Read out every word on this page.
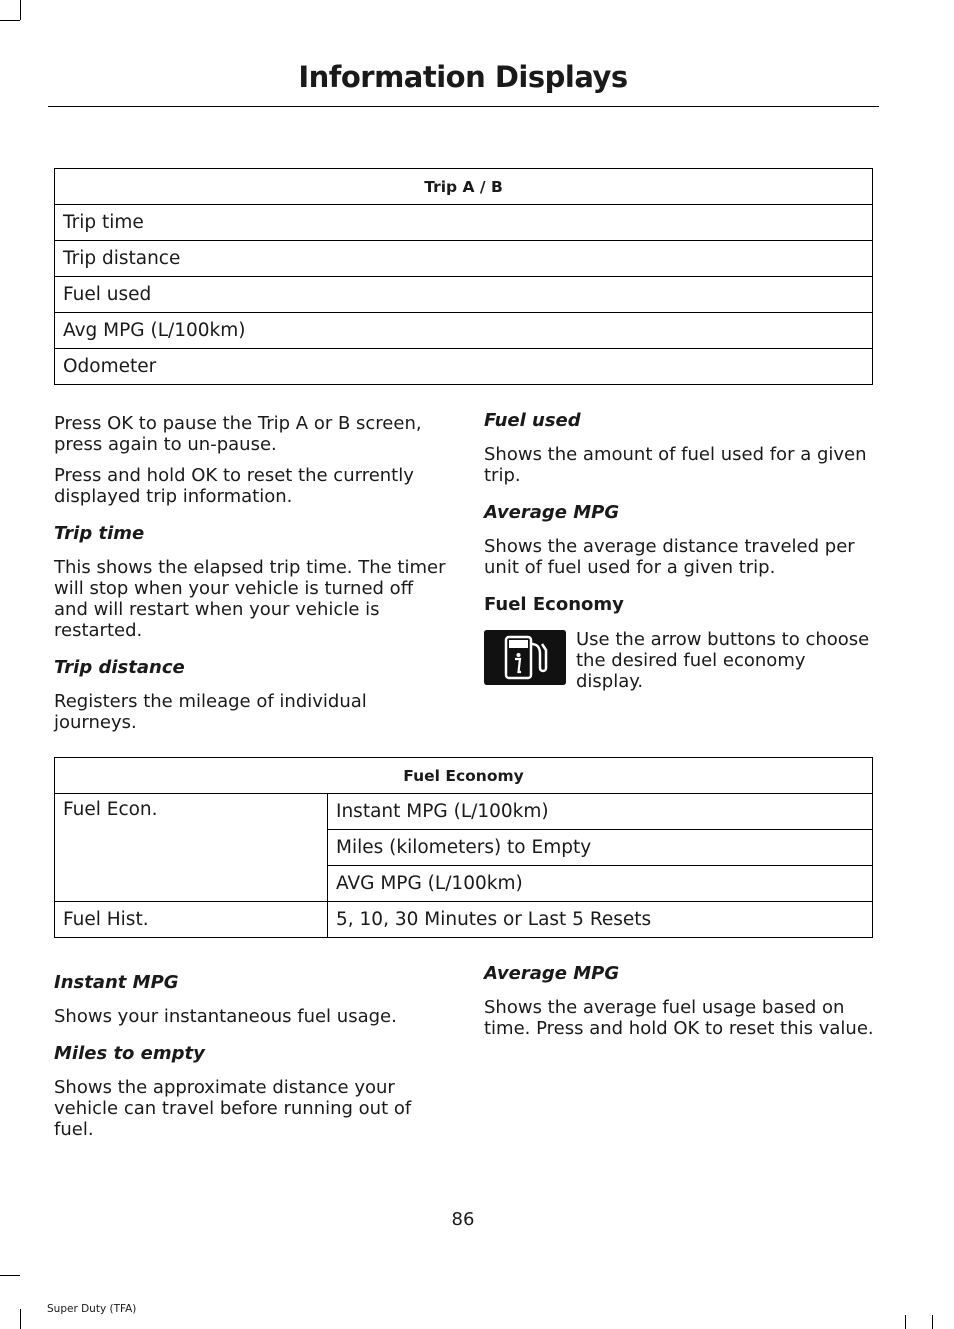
Information Displays
Trip A / B
Trip time
Trip distance
Fuel used
Avg MPG (L/100km)
Odometer

Press OK to pause the Trip A or B screen, press again to un-pause.

Press and hold OK to reset the currently displayed trip information.

Trip time

This shows the elapsed trip time. The timer will stop when your vehicle is turned off and will restart when your vehicle is restarted.

Trip distance

Registers the mileage of individual journeys.

Fuel used

Shows the amount of fuel used for a given trip.

Average MPG

Shows the average distance traveled per unit of fuel used for a given trip.

Fuel Economy

Use the arrow buttons to choose the desired fuel economy display.

Fuel Economy	
Fuel Econ.	Instant MPG (L/100km)
	Miles (kilometers) to Empty
	AVG MPG (L/100km)
Fuel Hist.	5, 10, 30 Minutes or Last 5 Resets

Instant MPG

Shows your instantaneous fuel usage.

Miles to empty

Shows the approximate distance your vehicle can travel before running out of fuel.

Average MPG

Shows the average fuel usage based on time. Press and hold OK to reset this value.

86
Super Duty (TFA)
